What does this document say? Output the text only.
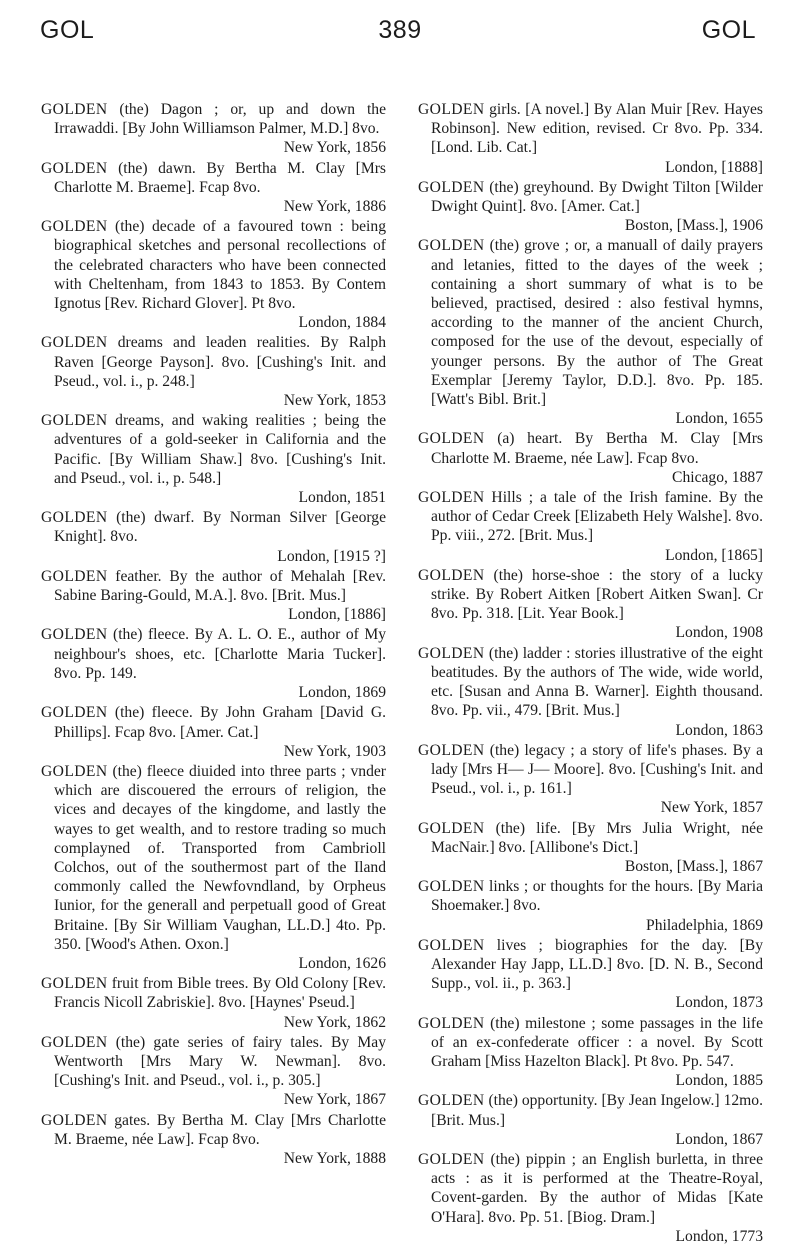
GOL	389	GOL

GOLDEN (the) Dagon ; or, up and down the Irrawaddi. [By John Williamson Palmer, M.D.] 8vo.
New York, 1856

GOLDEN (the) dawn. By Bertha M. Clay [Mrs Charlotte M. Braeme]. Fcap 8vo.
New York, 1886

GOLDEN (the) decade of a favoured town : being biographical sketches and personal recollections of the celebrated characters who have been connected with Cheltenham, from 1843 to 1853. By Contem Ignotus [Rev. Richard Glover]. Pt 8vo.
London, 1884

GOLDEN dreams and leaden realities. By Ralph Raven [George Payson]. 8vo. [Cushing's Init. and Pseud., vol. i., p. 248.]
New York, 1853

GOLDEN dreams, and waking realities ; being the adventures of a gold-seeker in California and the Pacific. [By William Shaw.] 8vo. [Cushing's Init. and Pseud., vol. i., p. 548.]
London, 1851

GOLDEN (the) dwarf. By Norman Silver [George Knight]. 8vo.
London, [1915 ?]

GOLDEN feather. By the author of Mehalah [Rev. Sabine Baring-Gould, M.A.]. 8vo. [Brit. Mus.]
London, [1886]

GOLDEN (the) fleece. By A. L. O. E., author of My neighbour's shoes, etc. [Charlotte Maria Tucker]. 8vo. Pp. 149.
London, 1869

GOLDEN (the) fleece. By John Graham [David G. Phillips]. Fcap 8vo. [Amer. Cat.]
New York, 1903

GOLDEN (the) fleece diuided into three parts ; vnder which are discouered the errours of religion, the vices and decayes of the kingdome, and lastly the wayes to get wealth, and to restore trading so much complayned of. Transported from Cambrioll Colchos, out of the southermost part of the Iland commonly called the Newfovndland, by Orpheus Iunior, for the generall and perpetuall good of Great Britaine. [By Sir William Vaughan, LL.D.] 4to. Pp. 350. [Wood's Athen. Oxon.]
London, 1626

GOLDEN fruit from Bible trees. By Old Colony [Rev. Francis Nicoll Zabriskie]. 8vo. [Haynes' Pseud.]
New York, 1862

GOLDEN (the) gate series of fairy tales. By May Wentworth [Mrs Mary W. Newman]. 8vo. [Cushing's Init. and Pseud., vol. i., p. 305.]
New York, 1867

GOLDEN gates. By Bertha M. Clay [Mrs Charlotte M. Braeme, née Law]. Fcap 8vo.
New York, 1888

GOLDEN girls. [A novel.] By Alan Muir [Rev. Hayes Robinson]. New edition, revised. Cr 8vo. Pp. 334. [Lond. Lib. Cat.]
London, [1888]

GOLDEN (the) greyhound. By Dwight Tilton [Wilder Dwight Quint]. 8vo. [Amer. Cat.]
Boston, [Mass.], 1906

GOLDEN (the) grove ; or, a manuall of daily prayers and letanies, fitted to the dayes of the week ; containing a short summary of what is to be believed, practised, desired : also festival hymns, according to the manner of the ancient Church, composed for the use of the devout, especially of younger persons. By the author of The Great Exemplar [Jeremy Taylor, D.D.]. 8vo. Pp. 185. [Watt's Bibl. Brit.]
London, 1655

GOLDEN (a) heart. By Bertha M. Clay [Mrs Charlotte M. Braeme, née Law]. Fcap 8vo.
Chicago, 1887

GOLDEN Hills ; a tale of the Irish famine. By the author of Cedar Creek [Elizabeth Hely Walshe]. 8vo. Pp. viii., 272. [Brit. Mus.]
London, [1865]

GOLDEN (the) horse-shoe : the story of a lucky strike. By Robert Aitken [Robert Aitken Swan]. Cr 8vo. Pp. 318. [Lit. Year Book.]
London, 1908

GOLDEN (the) ladder : stories illustrative of the eight beatitudes. By the authors of The wide, wide world, etc. [Susan and Anna B. Warner]. Eighth thousand. 8vo. Pp. vii., 479. [Brit. Mus.]
London, 1863

GOLDEN (the) legacy ; a story of life's phases. By a lady [Mrs H— J— Moore]. 8vo. [Cushing's Init. and Pseud., vol. i., p. 161.]
New York, 1857

GOLDEN (the) life. [By Mrs Julia Wright, née MacNair.] 8vo. [Allibone's Dict.]
Boston, [Mass.], 1867

GOLDEN links ; or thoughts for the hours. [By Maria Shoemaker.] 8vo.
Philadelphia, 1869

GOLDEN lives ; biographies for the day. [By Alexander Hay Japp, LL.D.] 8vo. [D. N. B., Second Supp., vol. ii., p. 363.]
London, 1873

GOLDEN (the) milestone ; some passages in the life of an ex-confederate officer : a novel. By Scott Graham [Miss Hazelton Black]. Pt 8vo. Pp. 547.
London, 1885

GOLDEN (the) opportunity. [By Jean Ingelow.] 12mo. [Brit. Mus.]
London, 1867

GOLDEN (the) pippin ; an English burletta, in three acts : as it is performed at the Theatre-Royal, Covent-garden. By the author of Midas [Kate O'Hara]. 8vo. Pp. 51. [Biog. Dram.]
London, 1773
